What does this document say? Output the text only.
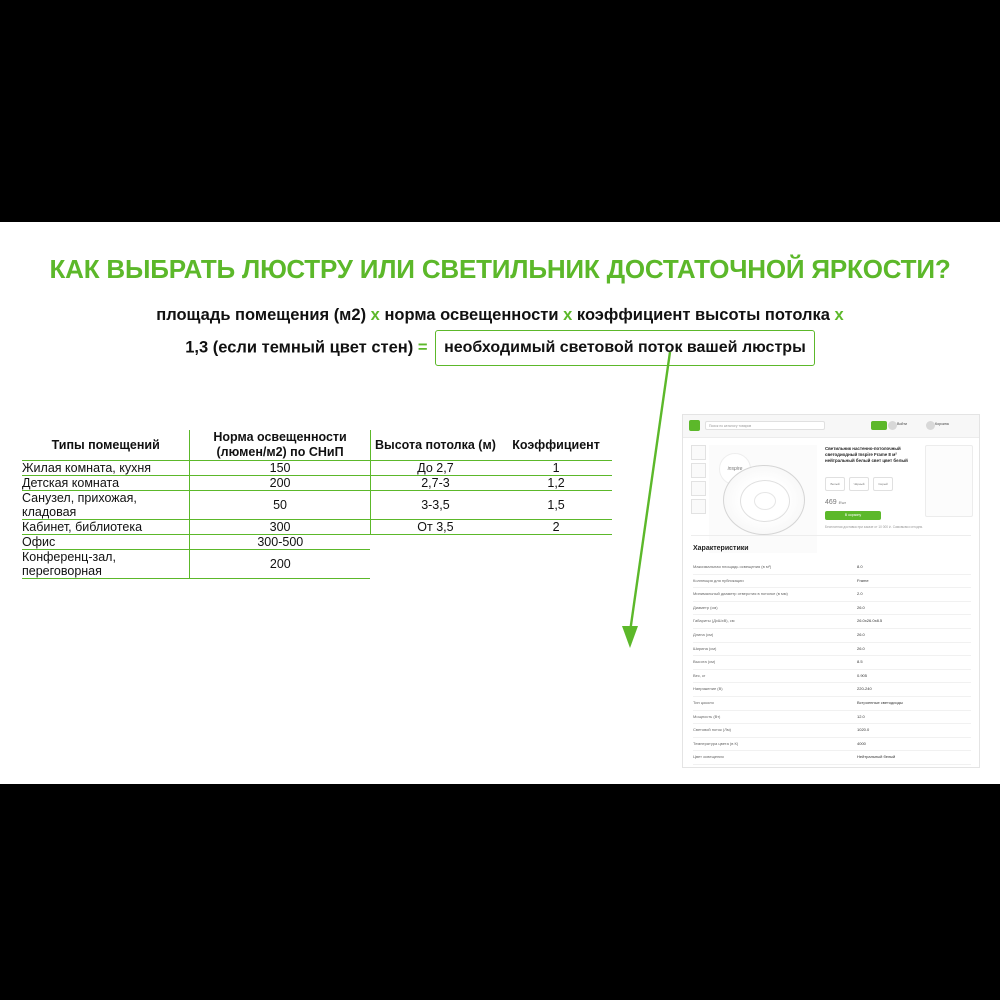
КАК ВЫБРАТЬ ЛЮСТРУ ИЛИ СВЕТИЛЬНИК ДОСТАТОЧНОЙ ЯРКОСТИ?
площадь помещения (м2) x норма освещенности x коэффициент высоты потолка x
1,3 (если темный цвет стен) = необходимый световой поток вашей люстры
Типы помещений	Норма освещенности (люмен/м2) по СНиП	Высота потолка (м)	Коэффициент
Жилая комната, кухня	150	До 2,7	1
Детская комната	200	2,7-3	1,2
Санузел, прихожая, кладовая	50	3-3,5	1,5
Кабинет, библиотека	300	От 3,5	2
Офис	300-500		
Конференц-зал, переговорная	200		
Поиск по каталогу товаров	Войти	Корзина
inspire
Светильник настенно-потолочный светодиодный Inspire Frame 8 м² нейтральный белый свет цвет белый
Белый	Чёрный	Серый
469 ₽/шт
В корзину
Бесплатная доставка при заказе от 10 000 ₽. Самовывоз сегодня.
Характеристики
Максимальная площадь освещения (в м²)	8.0
Коллекция для публикации	Frame
Минимальный диаметр отверстия в потолке (в мм)	2.0
Диаметр (см)	26.0
Габариты (ДхШхВ), см	26.0x26.0x8.5
Длина (см)	26.0
Ширина (см)	26.0
Высота (см)	8.5
Вес, кг	0.905
Напряжение (В)	220-240
Тип цоколя	Встроенные светодиоды
Мощность (Вт)	12.0
Световой поток (Лм)	1020.0
Температура цвета (в К)	4000
Цвет освещения	Нейтральный белый
